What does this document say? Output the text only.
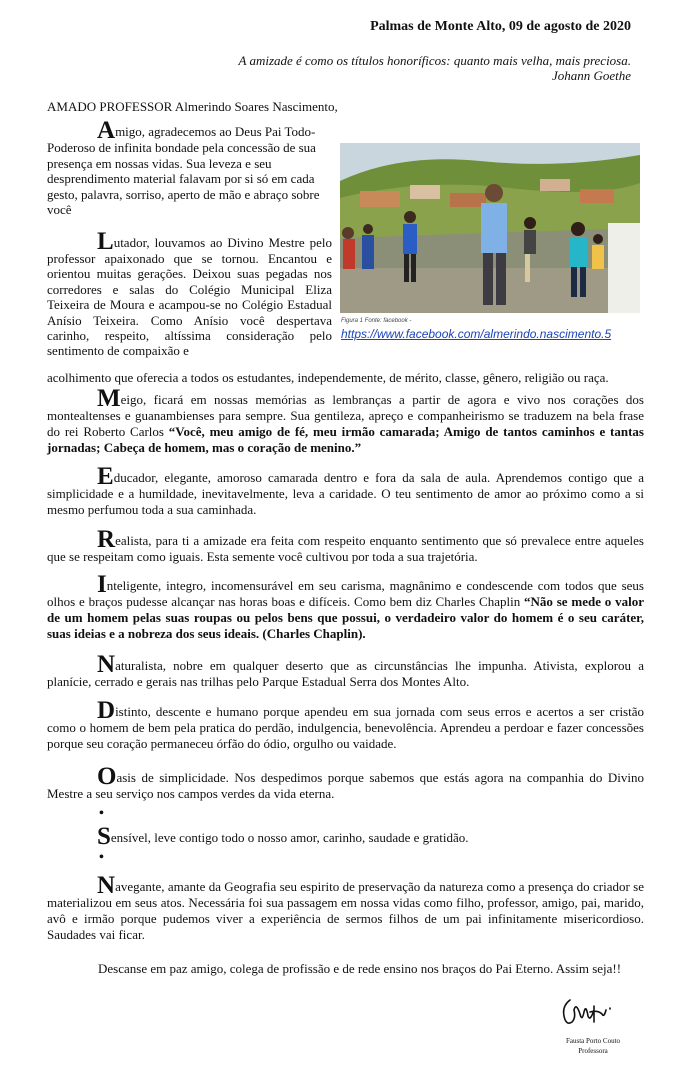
Palmas de Monte Alto, 09 de agosto de 2020
A amizade é como os títulos honoríficos: quanto mais velha, mais preciosa.
Johann Goethe
AMADO PROFESSOR Almerindo Soares Nascimento,
Amigo, agradecemos ao Deus Pai Todo-Poderoso de infinita bondade pela concessão de sua presença em nossas vidas. Sua leveza e seu desprendimento material falavam por si só em cada gesto, palavra, sorriso, aperto de mão e abraço sobre você
Lutador, louvamos ao Divino Mestre pelo professor apaixonado que se tornou. Encantou e orientou muitas gerações. Deixou suas pegadas nos corredores e salas do Colégio Municipal Eliza Teixeira de Moura e acampou-se no Colégio Estadual Anísio Teixeira. Como Anísio você despertava carinho, respeito, altíssima consideração pelo sentimento de compaixão e
acolhimento que oferecia a todos os estudantes, independemente, de mérito, classe, gênero, religião ou raça.
Figura 1 Fonte: facebook -
https://www.facebook.com/almerindo.nascimento.5
Meigo, ficará em nossas memórias as lembranças a partir de agora e vivo nos corações dos montealtenses e guanambienses para sempre. Sua gentileza, apreço e companheirismo se traduzem na bela frase do rei Roberto Carlos “Você, meu amigo de fé, meu irmão camarada; Amigo de tantos caminhos e tantas jornadas; Cabeça de homem, mas o coração de menino.”
Educador, elegante, amoroso camarada dentro e fora da sala de aula. Aprendemos contigo que a simplicidade e a humildade, inevitavelmente, leva a caridade. O teu sentimento de amor ao próximo como a si mesmo perfumou toda a sua caminhada.
Realista, para ti a amizade era feita com respeito enquanto sentimento que só prevalece entre aqueles que se respeitam como iguais. Esta semente você cultivou por toda a sua trajetória.
Inteligente, integro, incomensurável em seu carisma, magnânimo e condescende com todos que seus olhos e braços pudesse alcançar nas horas boas e difíceis. Como bem diz Charles Chaplin “Não se mede o valor de um homem pelas suas roupas ou pelos bens que possui, o verdadeiro valor do homem é o seu caráter, suas ideias e a nobreza dos seus ideais. (Charles Chaplin).
Naturalista, nobre em qualquer deserto que as circunstâncias lhe impunha. Ativista, explorou a planície, cerrado e gerais nas trilhas pelo Parque Estadual Serra dos Montes Alto.
Distinto, descente e humano porque apendeu em sua jornada com seus erros e acertos a ser cristão como o homem de bem pela pratica do perdão, indulgencia, benevolência. Aprendeu a perdoar e fazer concessões porque seu coração permaneceu órfão do ódio, orgulho ou vaidade.
Oasis de simplicidade. Nos despedimos porque sabemos que estás agora na companhia do Divino Mestre a seu serviço nos campos verdes da vida eterna.
•
Sensível, leve contigo todo o nosso amor, carinho, saudade e gratidão.
•
Navegante, amante da Geografia seu espirito de preservação da natureza como a presença do criador se materializou em seus atos. Necessária foi sua passagem em nossa vidas como filho, professor, amigo, pai, marido, avô e irmão porque pudemos viver a experiência de sermos filhos de um pai infinitamente misericordioso. Saudades vai ficar.
Descanse em paz amigo, colega de profissão e de rede ensino nos braços do Pai Eterno. Assim seja!!
Fausta Porto Couto
Professora
